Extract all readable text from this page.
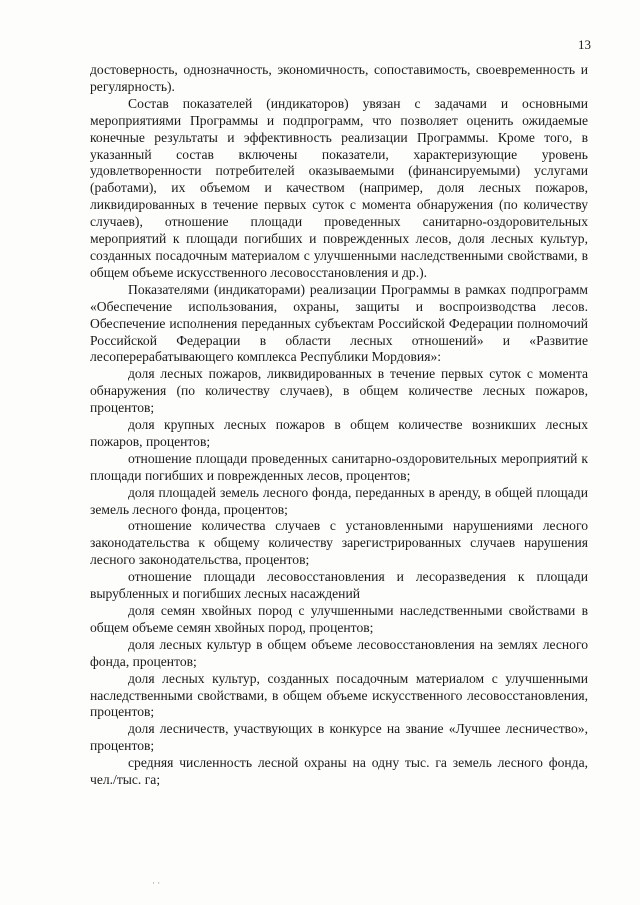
13

достоверность, однозначность, экономичность, сопоставимость, своевременность и регулярность).

Состав показателей (индикаторов) увязан с задачами и основными мероприятиями Программы и подпрограмм, что позволяет оценить ожидаемые конечные результаты и эффективность реализации Программы. Кроме того, в указанный состав включены показатели, характеризующие уровень удовлетворенности потребителей оказываемыми (финансируемыми) услугами (работами), их объемом и качеством (например, доля лесных пожаров, ликвидированных в течение первых суток с момента обнаружения (по количеству случаев), отношение площади проведенных санитарно-оздоровительных мероприятий к площади погибших и поврежденных лесов, доля лесных культур, созданных посадочным материалом с улучшенными наследственными свойствами, в общем объеме искусственного лесовосстановления и др.).

Показателями (индикаторами) реализации Программы в рамках подпрограмм «Обеспечение использования, охраны, защиты и воспроизводства лесов. Обеспечение исполнения переданных субъектам Российской Федерации полномочий Российской Федерации в области лесных отношений» и «Развитие лесоперерабатывающего комплекса Республики Мордовия»:

доля лесных пожаров, ликвидированных в течение первых суток с момента обнаружения (по количеству случаев), в общем количестве лесных пожаров, процентов;

доля крупных лесных пожаров в общем количестве возникших лесных пожаров, процентов;

отношение площади проведенных санитарно-оздоровительных мероприятий к площади погибших и поврежденных лесов, процентов;

доля площадей земель лесного фонда, переданных в аренду, в общей площади земель лесного фонда, процентов;

отношение количества случаев с установленными нарушениями лесного законодательства к общему количеству зарегистрированных случаев нарушения лесного законодательства, процентов;

отношение площади лесовосстановления и лесоразведения к площади вырубленных и погибших лесных насаждений

доля семян хвойных пород с улучшенными наследственными свойствами в общем объеме семян хвойных пород, процентов;

доля лесных культур в общем объеме лесовосстановления на землях лесного фонда, процентов;

доля лесных культур, созданных посадочным материалом с улучшенными наследственными свойствами, в общем объеме искусственного лесовосстановления, процентов;

доля лесничеств, участвующих в конкурсе на звание «Лучшее лесничество», процентов;

средняя численность лесной охраны на одну тыс. га земель лесного фонда, чел./тыс. га;

· ·
